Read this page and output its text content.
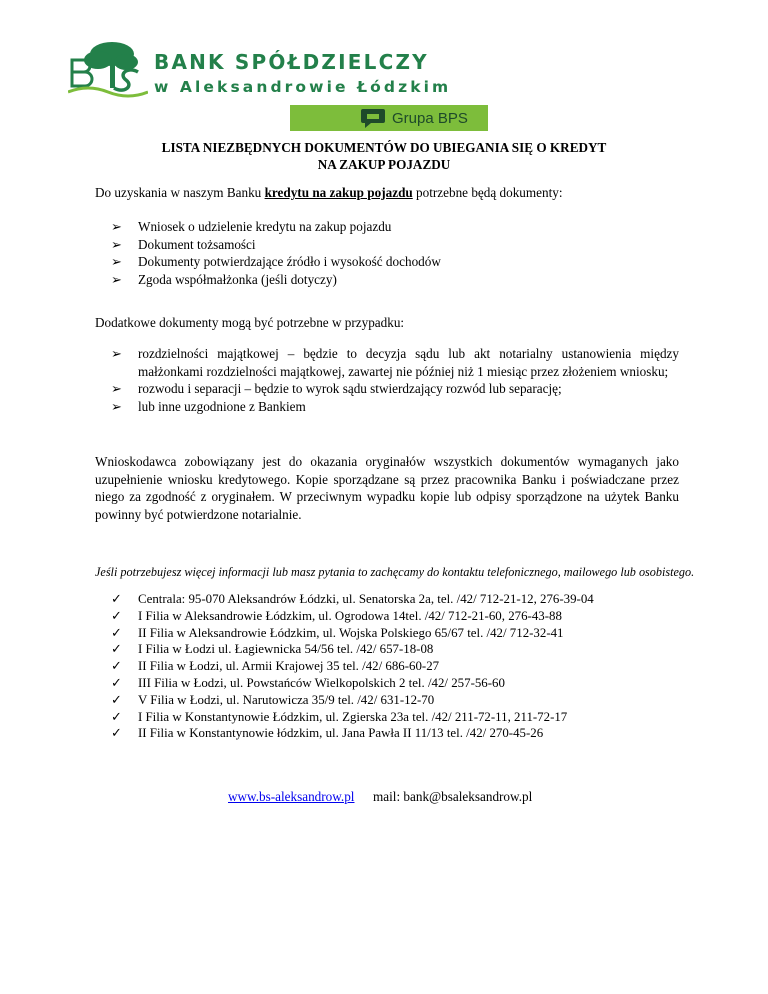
BANK SPÓŁDZIELCZY
w Aleksandrowie Łódzkim
Grupa BPS
LISTA NIEZBĘDNYCH DOKUMENTÓW DO UBIEGANIA SIĘ O KREDYT
NA ZAKUP POJAZDU

Do uzyskania w naszym Banku kredytu na zakup pojazdu potrzebne będą dokumenty:

➢ Wniosek o udzielenie kredytu na zakup pojazdu
➢ Dokument tożsamości
➢ Dokumenty potwierdzające źródło i wysokość dochodów
➢ Zgoda współmałżonka (jeśli dotyczy)

Dodatkowe dokumenty mogą być potrzebne w przypadku:

➢ rozdzielności majątkowej – będzie to decyzja sądu lub akt notarialny ustanowienia między małżonkami rozdzielności majątkowej, zawartej nie później niż 1 miesiąc przez złożeniem wniosku;
➢ rozwodu i separacji – będzie to wyrok sądu stwierdzający rozwód lub separację;
➢ lub inne uzgodnione z Bankiem

Wnioskodawca zobowiązany jest do okazania oryginałów wszystkich dokumentów wymaganych jako uzupełnienie wniosku kredytowego. Kopie sporządzane są przez pracownika Banku i poświadczane przez niego za zgodność z oryginałem. W przeciwnym wypadku kopie lub odpisy sporządzone na użytek Banku powinny być potwierdzone notarialnie.

Jeśli potrzebujesz więcej informacji lub masz pytania to zachęcamy do kontaktu telefonicznego, mailowego lub osobistego.

✓ Centrala: 95-070 Aleksandrów Łódzki, ul. Senatorska 2a, tel. /42/ 712-21-12, 276-39-04
✓ I Filia w Aleksandrowie Łódzkim, ul. Ogrodowa 14tel. /42/ 712-21-60, 276-43-88
✓ II Filia w Aleksandrowie Łódzkim, ul. Wojska Polskiego 65/67 tel. /42/ 712-32-41
✓ I Filia w Łodzi ul. Łagiewnicka 54/56 tel. /42/ 657-18-08
✓ II Filia w Łodzi, ul. Armii Krajowej 35 tel. /42/ 686-60-27
✓ III Filia w Łodzi, ul. Powstańców Wielkopolskich 2 tel. /42/ 257-56-60
✓ V Filia w Łodzi, ul. Narutowicza 35/9 tel. /42/ 631-12-70
✓ I Filia w Konstantynowie Łódzkim, ul. Zgierska 23a tel. /42/ 211-72-11, 211-72-17
✓ II Filia w Konstantynowie łódzkim, ul. Jana Pawła II 11/13 tel. /42/ 270-45-26
www.bs-aleksandrow.pl mail: bank@bsaleksandrow.pl
